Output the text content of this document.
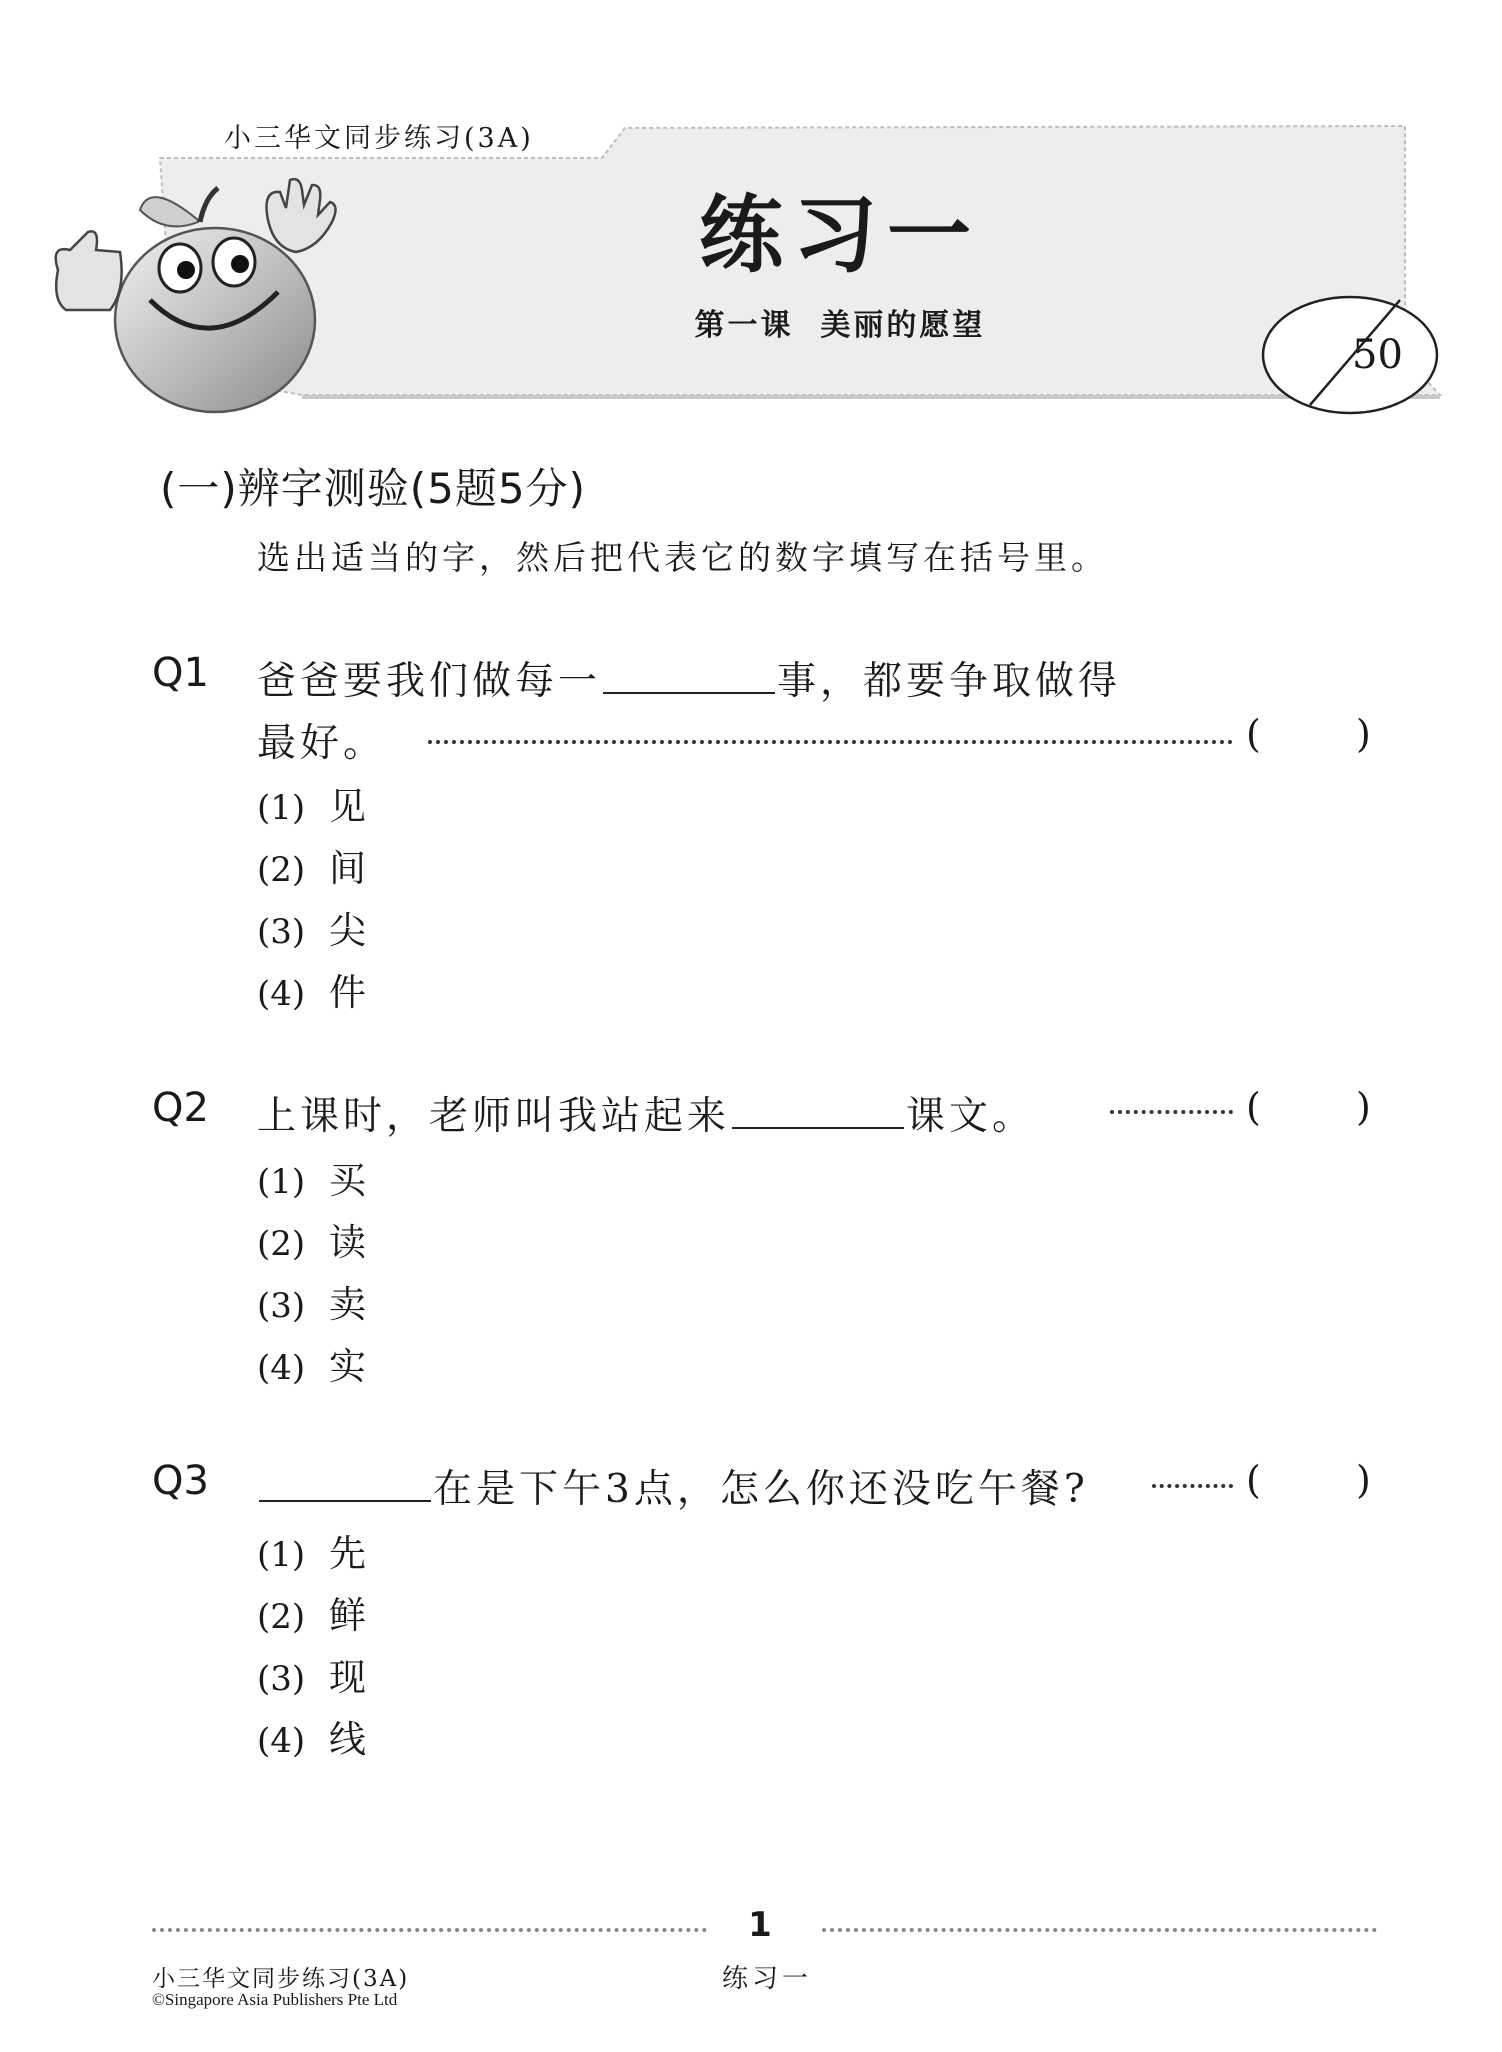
小三华文同步练习(3A)
练习一
第一课  美丽的愿望
50
(一)辨字测验(5题5分)
选出适当的字，然后把代表它的数字填写在括号里。
Q1 爸爸要我们做每一	事，都要争取做得
最好。	(	)
(1) 见
(2) 间
(3) 尖
(4) 件
Q2 上课时，老师叫我站起来	课文。	(	)
(1) 买
(2) 读
(3) 卖
(4) 实
Q3	在是下午3点，怎么你还没吃午餐?	(	)
(1) 先
(2) 鲜
(3) 现
(4) 线
1
小三华文同步练习(3A)
©Singapore Asia Publishers Pte Ltd
练习一
